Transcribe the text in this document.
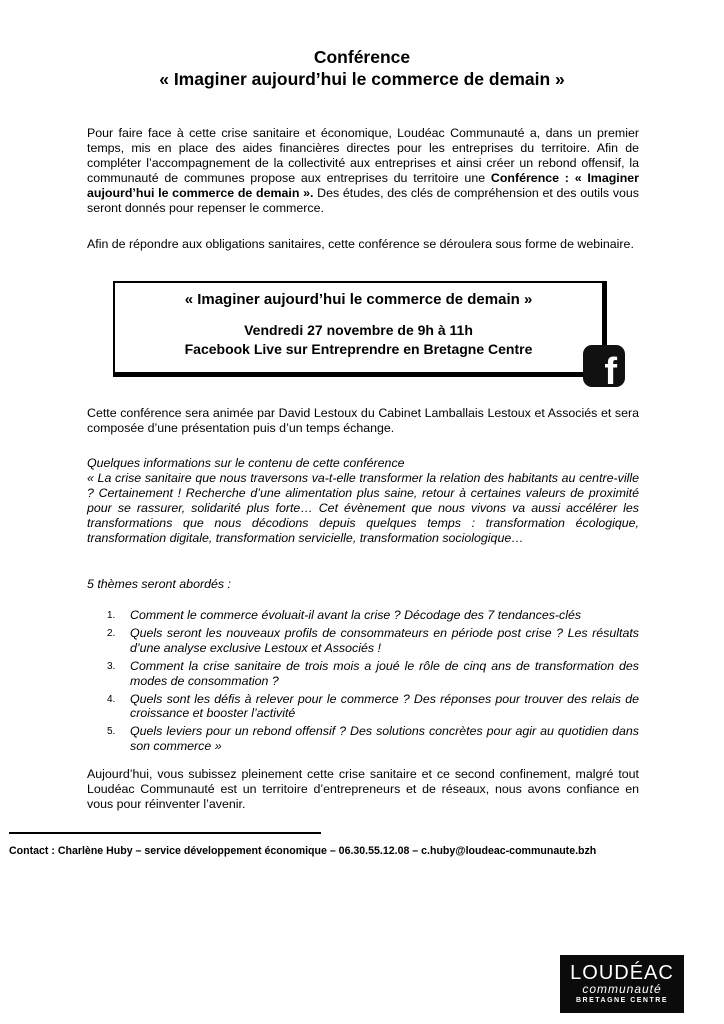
Conférence
« Imaginer aujourd’hui le commerce de demain »
Pour faire face à cette crise sanitaire et économique, Loudéac Communauté a, dans un premier temps, mis en place des aides financières directes pour les entreprises du territoire. Afin de compléter l’accompagnement de la collectivité aux entreprises et ainsi créer un rebond offensif, la communauté de communes propose aux entreprises du territoire une Conférence : « Imaginer aujourd’hui le commerce de demain ». Des études, des clés de compréhension et des outils vous seront donnés pour repenser le commerce.
Afin de répondre aux obligations sanitaires, cette conférence se déroulera sous forme de webinaire.
« Imaginer aujourd’hui le commerce de demain »
Vendredi 27 novembre de 9h à 11h
Facebook Live sur Entreprendre en Bretagne Centre
f
Cette conférence sera animée par David Lestoux du Cabinet Lamballais Lestoux et Associés et sera composée d’une présentation puis d’un temps échange.
Quelques informations sur le contenu de cette conférence
« La crise sanitaire que nous traversons va-t-elle transformer la relation des habitants au centre-ville ? Certainement ! Recherche d’une alimentation plus saine, retour à certaines valeurs de proximité pour se rassurer, solidarité plus forte… Cet évènement que nous vivons va aussi accélérer les transformations que nous décodions depuis quelques temps : transformation écologique, transformation digitale, transformation servicielle, transformation sociologique…
5 thèmes seront abordés :
1. Comment le commerce évoluait-il avant la crise ? Décodage des 7 tendances-clés
2. Quels seront les nouveaux profils de consommateurs en période post crise ? Les résultats d’une analyse exclusive Lestoux et Associés !
3. Comment la crise sanitaire de trois mois a joué le rôle de cinq ans de transformation des modes de consommation ?
4. Quels sont les défis à relever pour le commerce ? Des réponses pour trouver des relais de croissance et booster l’activité
5. Quels leviers pour un rebond offensif ? Des solutions concrètes pour agir au quotidien dans son commerce »
Aujourd’hui, vous subissez pleinement cette crise sanitaire et ce second confinement, malgré tout Loudéac Communauté est un territoire d’entrepreneurs et de réseaux, nous avons confiance en vous pour réinventer l’avenir.
Contact : Charlène Huby – service développement économique – 06.30.55.12.08 – c.huby@loudeac-communaute.bzh
LOUDÉAC
communauté
BRETAGNE CENTRE
